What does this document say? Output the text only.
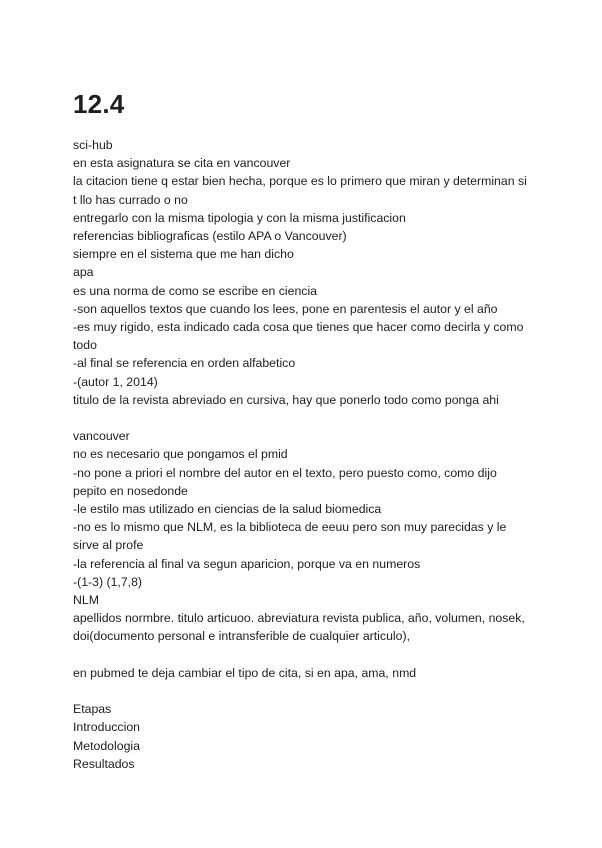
12.4
sci-hub
en esta asignatura se cita en vancouver
la citacion tiene q estar bien hecha, porque es lo primero que miran y determinan si
t llo has currado o no
entregarlo con la misma tipologia y con la misma justificacion
referencias bibliograficas (estilo APA o Vancouver)
siempre en el sistema que me han dicho
apa
es una norma de como se escribe en ciencia
-son aquellos textos que cuando los lees, pone en parentesis el autor y el año
-es muy rigido, esta indicado cada cosa que tienes que hacer como decirla y como
todo
-al final se referencia en orden alfabetico
-(autor 1, 2014)
titulo de la revista abreviado en cursiva, hay que ponerlo todo como ponga ahi
vancouver
no es necesario que pongamos el pmid
-no pone a priori el nombre del autor en el texto, pero puesto como, como dijo
pepito en nosedonde
-le estilo mas utilizado en ciencias de la salud biomedica
-no es lo mismo que NLM, es la biblioteca de eeuu pero son muy parecidas y le
sirve al profe
-la referencia al final va segun aparicion, porque va en numeros
-(1-3) (1,7,8)
NLM
apellidos normbre. titulo articuoo. abreviatura revista publica, año, volumen, nosek,
doi(documento personal e intransferible de cualquier articulo),
en pubmed te deja cambiar el tipo de cita, si en apa, ama, nmd
Etapas
Introduccion
Metodologia
Resultados
